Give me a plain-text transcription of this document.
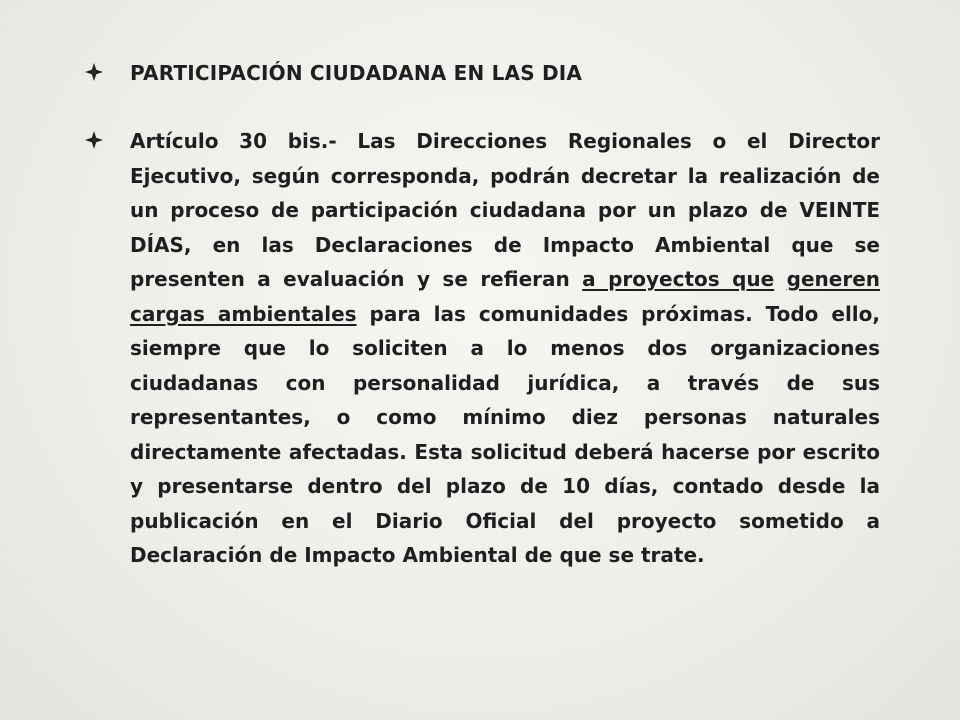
PARTICIPACIÓN CIUDADANA EN LAS DIA

Artículo 30 bis.- Las Direcciones Regionales o el Director Ejecutivo, según corresponda, podrán decretar la realización de un proceso de participación ciudadana por un plazo de VEINTE DÍAS, en las Declaraciones de Impacto Ambiental que se presenten a evaluación y se refieran a proyectos que generen cargas ambientales para las comunidades próximas. Todo ello, siempre que lo soliciten a lo menos dos organizaciones ciudadanas con personalidad jurídica, a través de sus representantes, o como mínimo diez personas naturales directamente afectadas. Esta solicitud deberá hacerse por escrito y presentarse dentro del plazo de 10 días, contado desde la publicación en el Diario Oficial del proyecto sometido a Declaración de Impacto Ambiental de que se trate.
